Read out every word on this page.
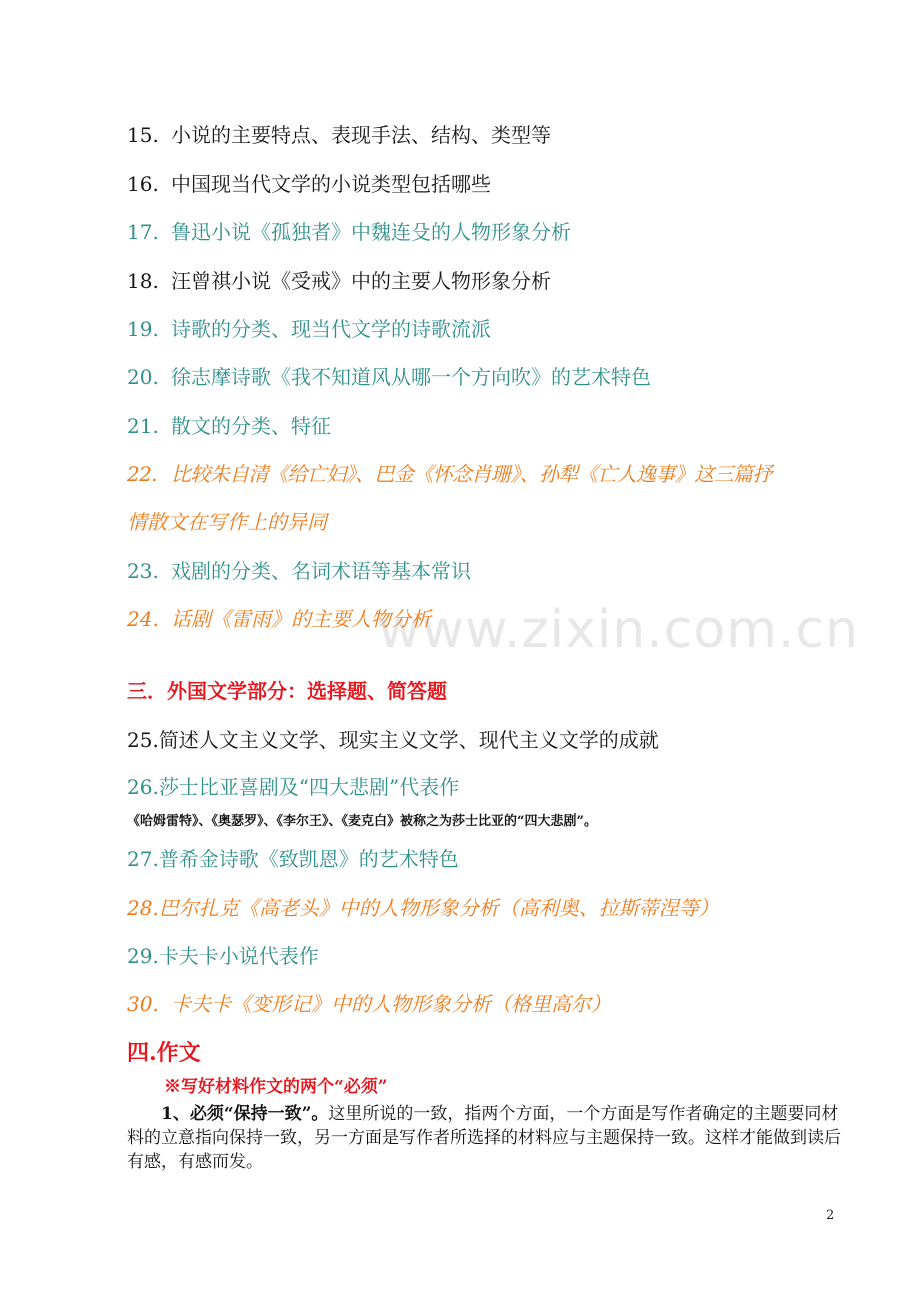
15. 小说的主要特点、表现手法、结构、类型等
16. 中国现当代文学的小说类型包括哪些
17. 鲁迅小说《孤独者》中魏连殳的人物形象分析
18. 汪曾祺小说《受戒》中的主要人物形象分析
19. 诗歌的分类、现当代文学的诗歌流派
20. 徐志摩诗歌《我不知道风从哪一个方向吹》的艺术特色
21. 散文的分类、特征
22. 比较朱自清《给亡妇》、巴金《怀念肖珊》、孙犁《亡人逸事》这三篇抒
情散文在写作上的异同
23. 戏剧的分类、名词术语等基本常识
24. 话剧《雷雨》的主要人物分析
www.zixin.com.cn
三．外国文学部分：选择题、简答题
25.简述人文主义文学、现实主义文学、现代主义文学的成就
26.莎士比亚喜剧及“四大悲剧”代表作
《哈姆雷特》、《奥瑟罗》、《李尔王》、《麦克白》被称之为莎士比亚的“四大悲剧”。
27.普希金诗歌《致凯恩》的艺术特色
28.巴尔扎克《高老头》中的人物形象分析（高利奥、拉斯蒂涅等）
29.卡夫卡小说代表作
30. 卡夫卡《变形记》中的人物形象分析（格里高尔）
四.作文
※写好材料作文的两个“必须”
1、必须“保持一致”。这里所说的一致，指两个方面，一个方面是写作者确定的主题要同材料的立意指向保持一致，另一方面是写作者所选择的材料应与主题保持一致。这样才能做到读后有感，有感而发。
2
